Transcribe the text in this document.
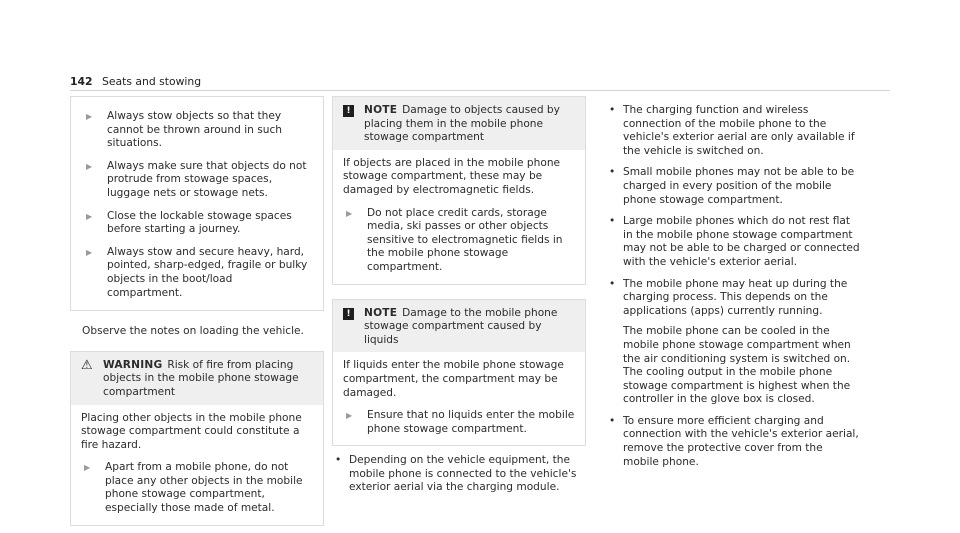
142 Seats and stowing
▶	Always stow objects so that they cannot be thrown around in such situations.
▶	Always make sure that objects do not protrude from stowage spaces, luggage nets or stowage nets.
▶	Close the lockable stowage spaces before starting a journey.
▶	Always stow and secure heavy, hard, pointed, sharp-edged, fragile or bulky objects in the boot/load compartment.

Observe the notes on loading the vehicle.

⚠ WARNING Risk of fire from placing objects in the mobile phone stowage compartment

Placing other objects in the mobile phone stowage compartment could constitute a fire hazard.

▶	Apart from a mobile phone, do not place any other objects in the mobile phone stowage compartment, especially those made of metal.
!	NOTE Damage to objects caused by placing them in the mobile phone stowage compartment

If objects are placed in the mobile phone stowage compartment, these may be damaged by electromagnetic fields.

▶	Do not place credit cards, storage media, ski passes or other objects sensitive to electromagnetic fields in the mobile phone stowage compartment.
!	NOTE Damage to the mobile phone stowage compartment caused by liquids

If liquids enter the mobile phone stowage compartment, the compartment may be damaged.

▶	Ensure that no liquids enter the mobile phone stowage compartment.
• Depending on the vehicle equipment, the mobile phone is connected to the vehicle's exterior aerial via the charging module.
• The charging function and wireless connection of the mobile phone to the vehicle's exterior aerial are only available if the vehicle is switched on.
• Small mobile phones may not be able to be charged in every position of the mobile phone stowage compartment.
• Large mobile phones which do not rest flat in the mobile phone stowage compartment may not be able to be charged or connected with the vehicle's exterior aerial.
• The mobile phone may heat up during the charging process. This depends on the applications (apps) currently running.

The mobile phone can be cooled in the mobile phone stowage compartment when the air conditioning system is switched on. The cooling output in the mobile phone stowage compartment is highest when the controller in the glove box is closed.

• To ensure more efficient charging and connection with the vehicle's exterior aerial, remove the protective cover from the mobile phone.
